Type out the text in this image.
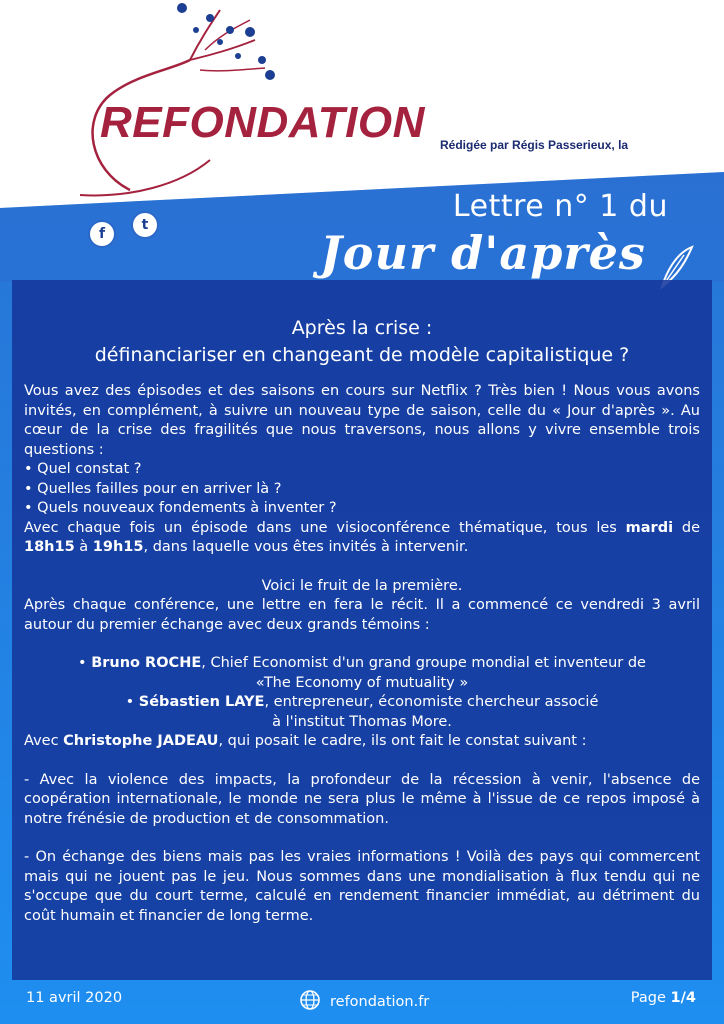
REFONDATION Rédigée par Régis Passerieux, la
f
t
Lettre n° 1 du
Jour d'après
Après la crise :
définanciariser en changeant de modèle capitalistique ?

Vous avez des épisodes et des saisons en cours sur Netflix ? Très bien ! Nous vous avons invités, en complément, à suivre un nouveau type de saison, celle du « Jour d'après ». Au cœur de la crise des fragilités que nous traversons, nous allons y vivre ensemble trois questions :

• Quel constat ?

• Quelles failles pour en arriver là ?

• Quels nouveaux fondements à inventer ?

Avec chaque fois un épisode dans une visioconférence thématique, tous les mardi de 18h15 à 19h15, dans laquelle vous êtes invités à intervenir.

Voici le fruit de la première.

Après chaque conférence, une lettre en fera le récit. Il a commencé ce vendredi 3 avril autour du premier échange avec deux grands témoins :

• Bruno ROCHE, Chief Economist d'un grand groupe mondial et inventeur de

«The Economy of mutuality »

• Sébastien LAYE, entrepreneur, économiste chercheur associé

à l'institut Thomas More.

Avec Christophe JADEAU, qui posait le cadre, ils ont fait le constat suivant :

- Avec la violence des impacts, la profondeur de la récession à venir, l'absence de coopération internationale, le monde ne sera plus le même à l'issue de ce repos imposé à notre frénésie de production et de consommation.

- On échange des biens mais pas les vraies informations ! Voilà des pays qui commercent mais qui ne jouent pas le jeu. Nous sommes dans une mondialisation à flux tendu qui ne s'occupe que du court terme, calculé en rendement financier immédiat, au détriment du coût humain et financier de long terme.

11 avril 2020	refondation.fr	Page 1/4
